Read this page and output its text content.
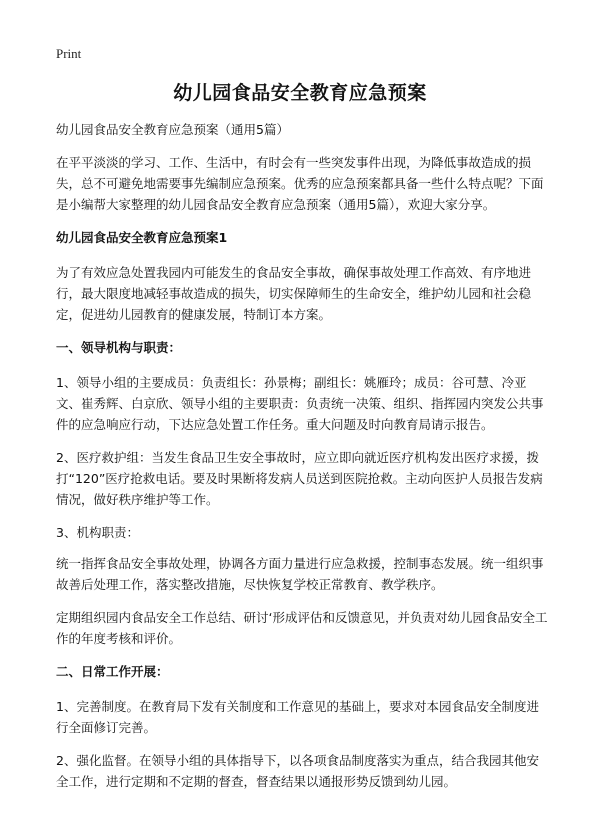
Print
幼儿园食品安全教育应急预案

幼儿园食品安全教育应急预案（通用5篇）

在平平淡淡的学习、工作、生活中，有时会有一些突发事件出现，为降低事故造成的损失，总不可避免地需要事先编制应急预案。优秀的应急预案都具备一些什么特点呢？下面是小编帮大家整理的幼儿园食品安全教育应急预案（通用5篇），欢迎大家分享。

幼儿园食品安全教育应急预案1

为了有效应急处置我园内可能发生的食品安全事故，确保事故处理工作高效、有序地进行，最大限度地减轻事故造成的损失，切实保障师生的生命安全，维护幼儿园和社会稳定，促进幼儿园教育的健康发展，特制订本方案。

一、领导机构与职责：

1、领导小组的主要成员：负责组长：孙景梅；副组长：姚雁玲；成员：谷可慧、冷亚文、崔秀辉、白京欣、领导小组的主要职责：负责统一决策、组织、指挥园内突发公共事件的应急响应行动，下达应急处置工作任务。重大问题及时向教育局请示报告。

2、医疗救护组：当发生食品卫生安全事故时，应立即向就近医疗机构发出医疗求援，拨打“120”医疗抢救电话。要及时果断将发病人员送到医院抢救。主动向医护人员报告发病情况，做好秩序维护等工作。

3、机构职责：

统一指挥食品安全事故处理，协调各方面力量进行应急救援，控制事态发展。统一组织事故善后处理工作，落实整改措施，尽快恢复学校正常教育、教学秩序。

定期组织园内食品安全工作总结、研讨‘形成评估和反馈意见，并负责对幼儿园食品安全工作的年度考核和评价。

二、日常工作开展：

1、完善制度。在教育局下发有关制度和工作意见的基础上，要求对本园食品安全制度进行全面修订完善。

2、强化监督。在领导小组的具体指导下，以各项食品制度落实为重点，结合我园其他安全工作，进行定期和不定期的督查，督查结果以通报形势反馈到幼儿园。
